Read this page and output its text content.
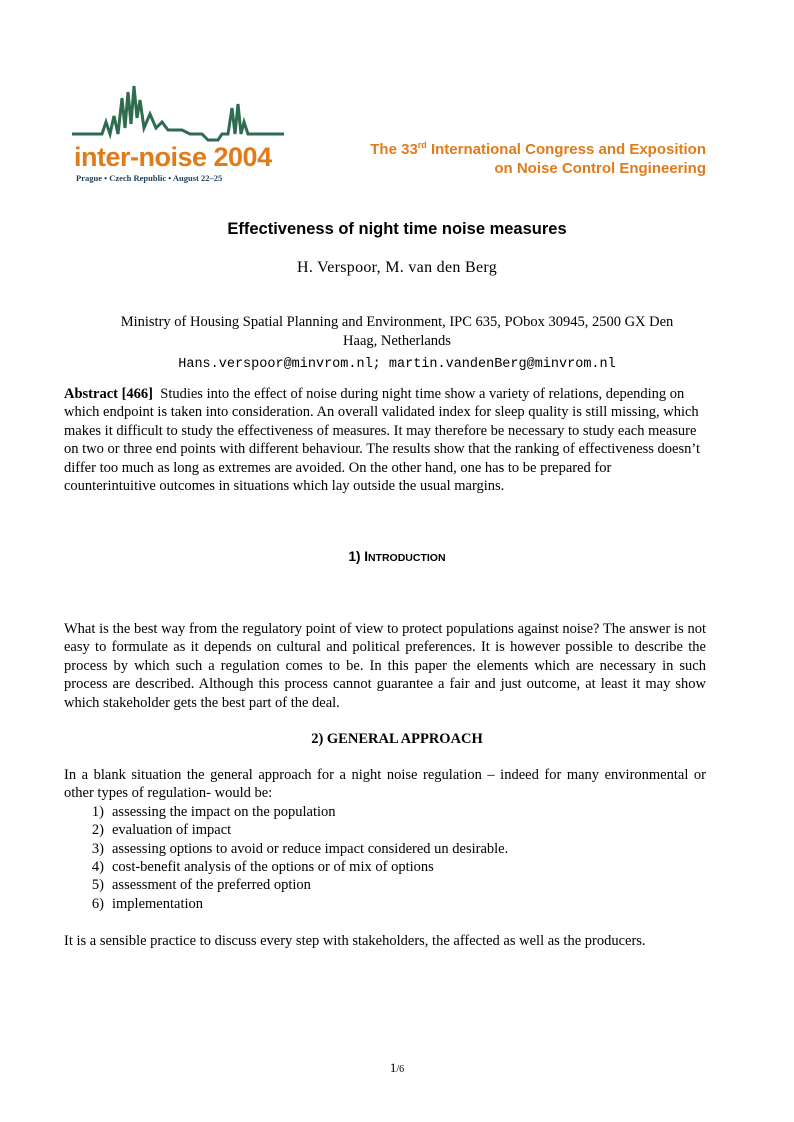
inter-noise 2004
Prague • Czech Republic • August 22–25
The 33rd International Congress and Exposition
on Noise Control Engineering
Effectiveness of night time noise measures
H. Verspoor, M. van den Berg
Ministry of Housing Spatial Planning and Environment, IPC 635, PObox 30945, 2500 GX Den
Haag, Netherlands
Hans.verspoor@minvrom.nl; martin.vandenBerg@minvrom.nl
Abstract [466] Studies into the effect of noise during night time show a variety of relations, depending on which endpoint is taken into consideration. An overall validated index for sleep quality is still missing, which makes it difficult to study the effectiveness of measures. It may therefore be necessary to study each measure on two or three end points with different behaviour. The results show that the ranking of effectiveness doesn’t differ too much as long as extremes are avoided. On the other hand, one has to be prepared for counterintuitive outcomes in situations which lay outside the usual margins.
1) INTRODUCTION
What is the best way from the regulatory point of view to protect populations against noise? The answer is not easy to formulate as it depends on cultural and political preferences. It is however possible to describe the process by which such a regulation comes to be. In this paper the elements which are necessary in such process are described. Although this process cannot guarantee a fair and just outcome, at least it may show which stakeholder gets the best part of the deal.
2) GENERAL APPROACH
In a blank situation the general approach for a night noise regulation – indeed for many environmental or other types of regulation- would be:
1) assessing the impact on the population
2) evaluation of impact
3) assessing options to avoid or reduce impact considered un desirable.
4) cost-benefit analysis of the options or of mix of options
5) assessment of the preferred option
6) implementation
It is a sensible practice to discuss every step with stakeholders, the affected as well as the producers.
1/6
